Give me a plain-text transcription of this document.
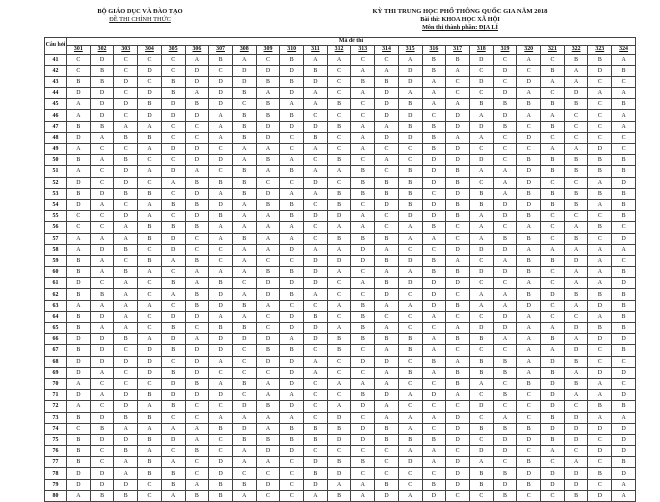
BỘ GIÁO DỤC VÀ ĐÀO TẠO
ĐỀ THI CHÍNH THỨC
KỲ THI TRUNG HỌC PHỔ THÔNG QUỐC GIA NĂM 2018
Bài thi: KHOA HỌC XÃ HỘI
Môn thi thành phần: ĐỊA LÍ
Câu hỏi	Mã đề thi																							
	301	302	303	304	305	306	307	308	309	310	311	312	313	314	315	316	317	318	319	320	321	322	323	324
41	C	D	C	C	C	A	B	A	C	B	A	A	C	C	A	B	B	D	C	A	C	B	B	A
42	C	B	C	D	C	D	C	D	D	D	B	C	A	A	D	B	A	C	D	C	B	A	D	B
43	B	B	D	C	B	D	D	D	B	B	D	C	B	B	D	A	C	D	C	D	A	A	C	C
44	D	D	C	D	B	A	D	B	A	D	A	C	A	D	A	A	C	C	D	A	C	D	A	A
45	A	D	D	B	D	B	D	C	B	A	A	B	C	D	B	A	A	B	B	B	B	B	C	B
46	A	D	C	D	D	D	A	B	B	B	C	C	C	D	D	C	D	A	D	A	A	C	C	A
47	B	B	A	A	C	C	A	B	D	D	D	B	A	A	B	B	D	D	B	C	B	C	C	A
48	D	A	B	B	C	C	A	B	D	C	B	C	A	D	D	B	A	A	C	D	C	C	C	C
49	A	C	C	A	D	D	C	A	A	C	A	C	A	C	C	B	D	C	C	C	A	A	D	C
50	B	A	B	C	C	D	D	A	B	A	C	B	C	A	C	D	D	D	C	B	B	B	B	B
51	A	C	D	A	D	A	C	B	A	B	A	A	B	C	B	D	B	A	A	D	B	B	B	B
52	D	C	D	C	A	B	B	B	C	C	D	C	B	B	B	D	B	C	A	D	C	C	A	D
53	B	D	B	B	C	D	A	B	D	A	A	B	B	B	B	C	D	B	A	B	B	B	B	B
54	D	A	C	A	B	B	D	A	B	B	C	B	C	D	B	D	B	B	D	D	B	B	A	B
55	C	C	D	A	C	D	B	A	A	B	D	D	A	C	D	D	B	A	D	B	C	C	C	B
56	C	C	A	B	B	B	A	A	A	A	C	A	A	C	A	B	C	A	C	A	C	A	B	C
57	A	A	A	B	D	C	A	B	A	A	C	B	B	B	A	A	C	A	B	B	C	B	C	D
58	A	D	B	C	D	C	C	A	A	D	A	A	D	A	C	C	D	D	D	A	A	A	A	A
59	B	A	C	B	A	B	C	A	C	C	D	D	D	B	D	B	A	C	A	B	B	D	A	C
60	B	A	B	A	C	A	A	A	B	B	D	A	C	A	A	B	B	D	D	B	C	A	A	B
61	D	C	A	C	B	A	B	C	D	D	D	C	A	B	D	D	D	C	C	A	C	A	A	D
62	B	B	A	C	A	B	D	A	D	B	A	C	C	D	C	D	C	A	A	B	D	B	B	B
63	A	A	A	A	C	B	D	B	A	C	C	A	B	A	A	D	B	A	A	D	C	A	D	B
64	B	D	A	C	D	D	A	A	C	D	B	C	B	C	C	A	C	C	D	A	C	C	A	B
65	B	A	A	C	B	C	B	B	C	D	D	A	B	A	C	C	A	D	D	A	A	D	B	B
66	D	D	B	A	D	A	D	D	D	A	D	B	B	B	B	A	B	B	A	A	B	A	D	D
67	B	D	C	D	B	D	D	C	B	B	C	B	C	A	B	A	C	C	C	A	A	D	C	B
68	D	D	D	D	C	D	A	C	D	D	A	C	D	D	C	B	A	B	B	A	D	B	C	C
69	D	A	C	D	B	D	C	C	C	D	A	C	C	A	B	A	B	B	B	A	B	A	D	D
70	A	C	C	C	D	B	A	B	A	D	C	A	A	A	C	C	B	A	C	B	D	B	A	C
71	D	A	D	B	D	D	D	C	A	A	C	C	B	D	A	D	A	C	B	C	D	A	A	D
72	A	C	D	A	B	C	C	D	B	D	C	A	D	A	C	C	C	D	C	C	D	C	B	B
73	B	D	B	B	C	C	A	A	A	A	C	D	C	A	A	A	D	C	A	C	B	D	A	A
74	C	B	A	A	A	A	B	D	A	B	B	B	D	B	A	C	D	B	B	B	D	D	D	D
75	B	D	D	B	D	A	C	B	B	B	B	D	D	B	B	B	D	C	D	D	B	D	C	D
76	B	C	B	A	C	B	C	A	D	D	C	C	C	C	A	A	C	D	D	C	A	C	D	D
77	B	C	A	B	A	C	D	A	A	C	D	B	B	C	D	A	D	A	C	B	C	A	C	B
78	D	D	A	B	B	C	D	C	C	C	B	D	C	C	C	C	D	B	B	D	D	D	B	D
79	D	D	D	C	B	A	B	B	D	C	D	A	A	B	C	B	D	B	D	B	D	D	C	A
80	A	B	B	C	A	B	B	A	C	C	A	B	A	D	A	D	C	C	B	C	C	B	D	A
